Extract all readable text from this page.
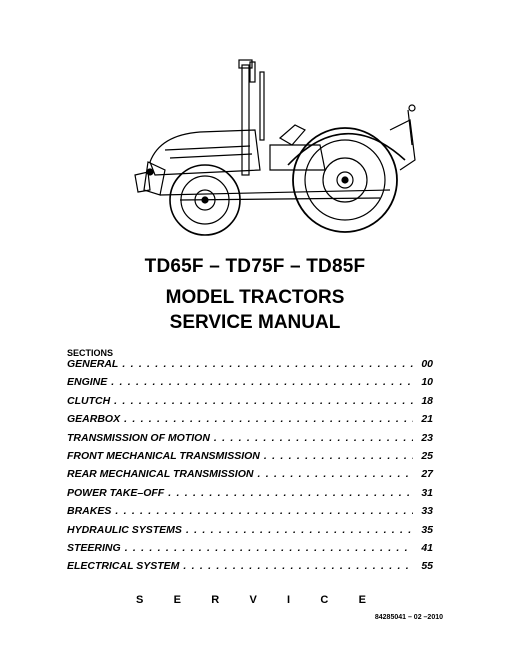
TD65F – TD75F – TD85F
MODEL TRACTORS
SERVICE MANUAL
SECTIONS
GENERAL . . .	00
ENGINE . . .	10
CLUTCH . . .	18
GEARBOX . . .	21
TRANSMISSION OF MOTION . . .	23
FRONT MECHANICAL TRANSMISSION . . .	25
REAR MECHANICAL TRANSMISSION . . .	27
POWER TAKE–OFF . . .	31
BRAKES . . .	33
HYDRAULIC SYSTEMS . . .	35
STEERING . . .	41
ELECTRICAL SYSTEM . . .	55
S	E	R	V	I	C	E
84285041 – 02 –2010
